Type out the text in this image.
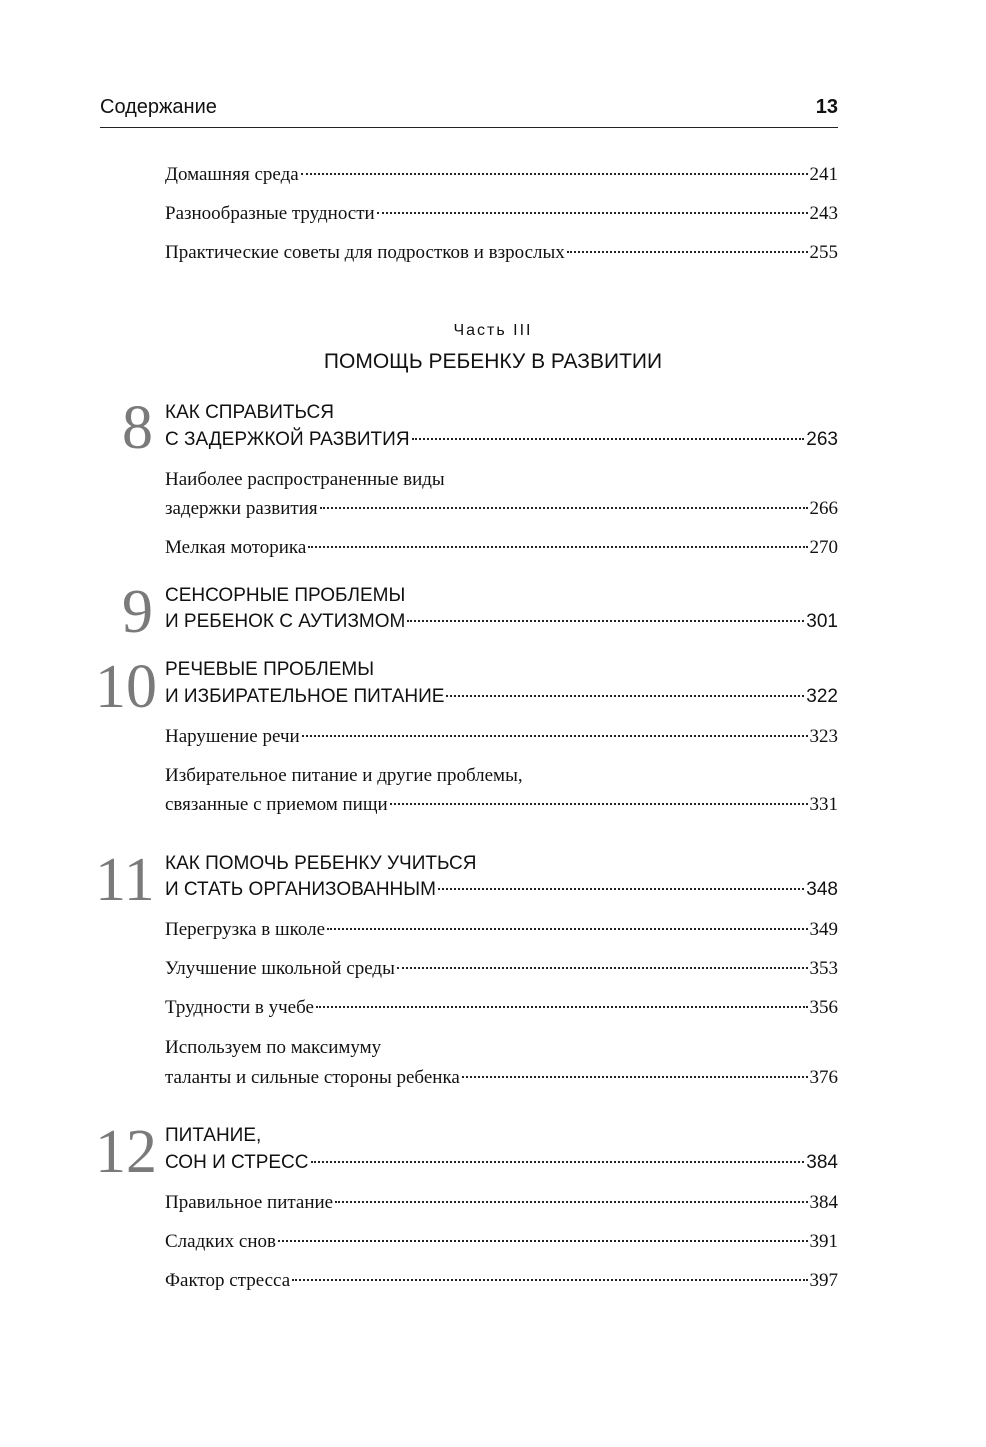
Содержание	13
Домашняя среда	241
Разнообразные трудности	243
Практические советы для подростков и взрослых	255
Часть III
ПОМОЩЬ РЕБЕНКУ В РАЗВИТИИ
8 КАК СПРАВИТЬСЯ
С ЗАДЕРЖКОЙ РАЗВИТИЯ	263
Наиболее распространенные виды
задержки развития	266
Мелкая моторика	270
9 СЕНСОРНЫЕ ПРОБЛЕМЫ
И РЕБЕНОК С АУТИЗМОМ	301
10 РЕЧЕВЫЕ ПРОБЛЕМЫ
И ИЗБИРАТЕЛЬНОЕ ПИТАНИЕ	322
Нарушение речи	323
Избирательное питание и другие проблемы,
связанные с приемом пищи	331
11 КАК ПОМОЧЬ РЕБЕНКУ УЧИТЬСЯ
И СТАТЬ ОРГАНИЗОВАННЫМ	348
Перегрузка в школе	349
Улучшение школьной среды	353
Трудности в учебе	356
Используем по максимуму
таланты и сильные стороны ребенка	376
12 ПИТАНИЕ,
СОН И СТРЕСС	384
Правильное питание	384
Сладких снов	391
Фактор стресса	397
